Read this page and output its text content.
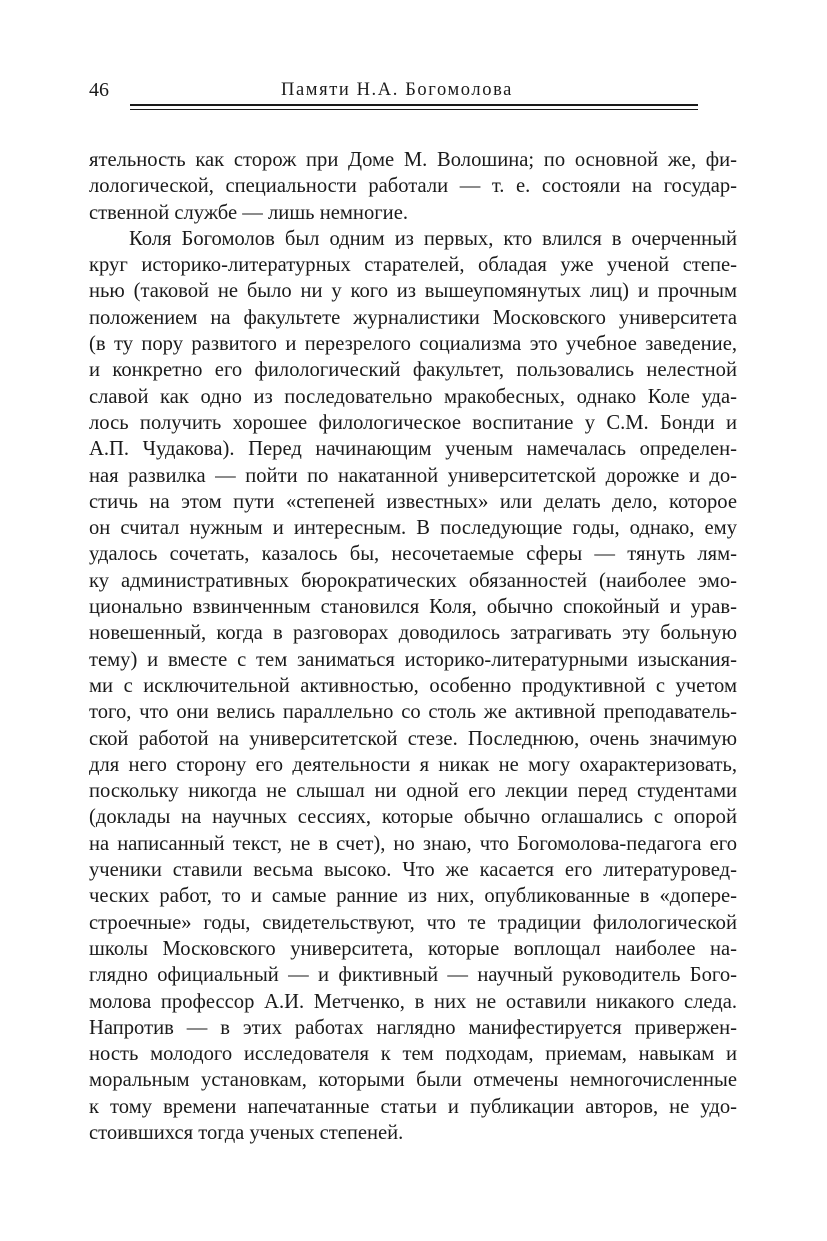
46	Памяти Н.А. Богомолова
ятельность как сторож при Доме М. Волошина; по основной же, фи-
лологической, специальности работали — т. е. состояли на государ-
ственной службе — лишь немногие.
Коля Богомолов был одним из первых, кто влился в очерченный
круг историко-литературных старателей, обладая уже ученой степе-
нью (таковой не было ни у кого из вышеупомянутых лиц) и прочным
положением на факультете журналистики Московского университета
(в ту пору развитого и перезрелого социализма это учебное заведение,
и конкретно его филологический факультет, пользовались нелестной
славой как одно из последовательно мракобесных, однако Коле уда-
лось получить хорошее филологическое воспитание у С.М. Бонди и
А.П. Чудакова). Перед начинающим ученым намечалась определен-
ная развилка — пойти по накатанной университетской дорожке и до-
стичь на этом пути «степеней известных» или делать дело, которое
он считал нужным и интересным. В последующие годы, однако, ему
удалось сочетать, казалось бы, несочетаемые сферы — тянуть лям-
ку административных бюрократических обязанностей (наиболее эмо-
ционально взвинченным становился Коля, обычно спокойный и урав-
новешенный, когда в разговорах доводилось затрагивать эту больную
тему) и вместе с тем заниматься историко-литературными изыскания-
ми с исключительной активностью, особенно продуктивной с учетом
того, что они велись параллельно со столь же активной преподаватель-
ской работой на университетской стезе. Последнюю, очень значимую
для него сторону его деятельности я никак не могу охарактеризовать,
поскольку никогда не слышал ни одной его лекции перед студентами
(доклады на научных сессиях, которые обычно оглашались с опорой
на написанный текст, не в счет), но знаю, что Богомолова-педагога его
ученики ставили весьма высоко. Что же касается его литературовед-
ческих работ, то и самые ранние из них, опубликованные в «доперe-
строечные» годы, свидетельствуют, что те традиции филологической
школы Московского университета, которые воплощал наиболее на-
глядно официальный — и фиктивный — научный руководитель Бого-
молова профессор А.И. Метченко, в них не оставили никакого следа.
Напротив — в этих работах наглядно манифестируется привержен-
ность молодого исследователя к тем подходам, приемам, навыкам и
моральным установкам, которыми были отмечены немногочисленные
к тому времени напечатанные статьи и публикации авторов, не удо-
стоившихся тогда ученых степеней.
